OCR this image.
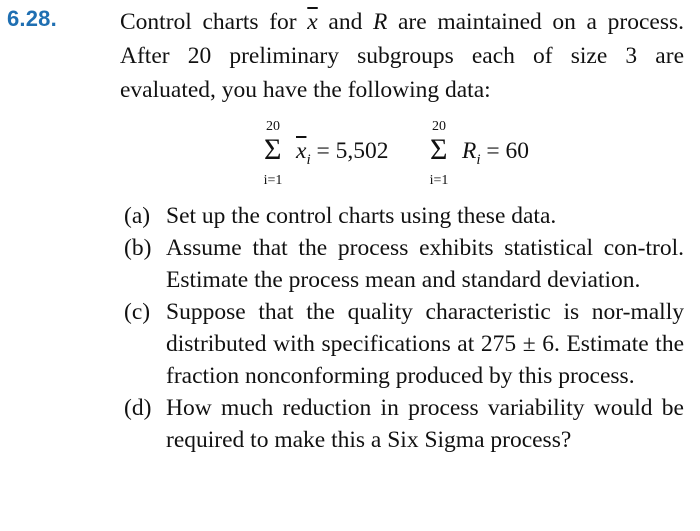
6.28.	Control charts for $\overline{x}$ and R are maintained on a process. After 20 preliminary subgroups each of size 3 are evaluated, you have the following data:
20
Σ
i=1
$\overline{x}_i = 5,502$
20
Σ
i=1
$R_i = 60$
(a) Set up the control charts using these data.
(b) Assume that the process exhibits statistical con-trol. Estimate the process mean and standard deviation.
(c) Suppose that the quality characteristic is nor-mally distributed with specifications at 275 ± 6. Estimate the fraction nonconforming produced by this process.
(d) How much reduction in process variability would be required to make this a Six Sigma process?
